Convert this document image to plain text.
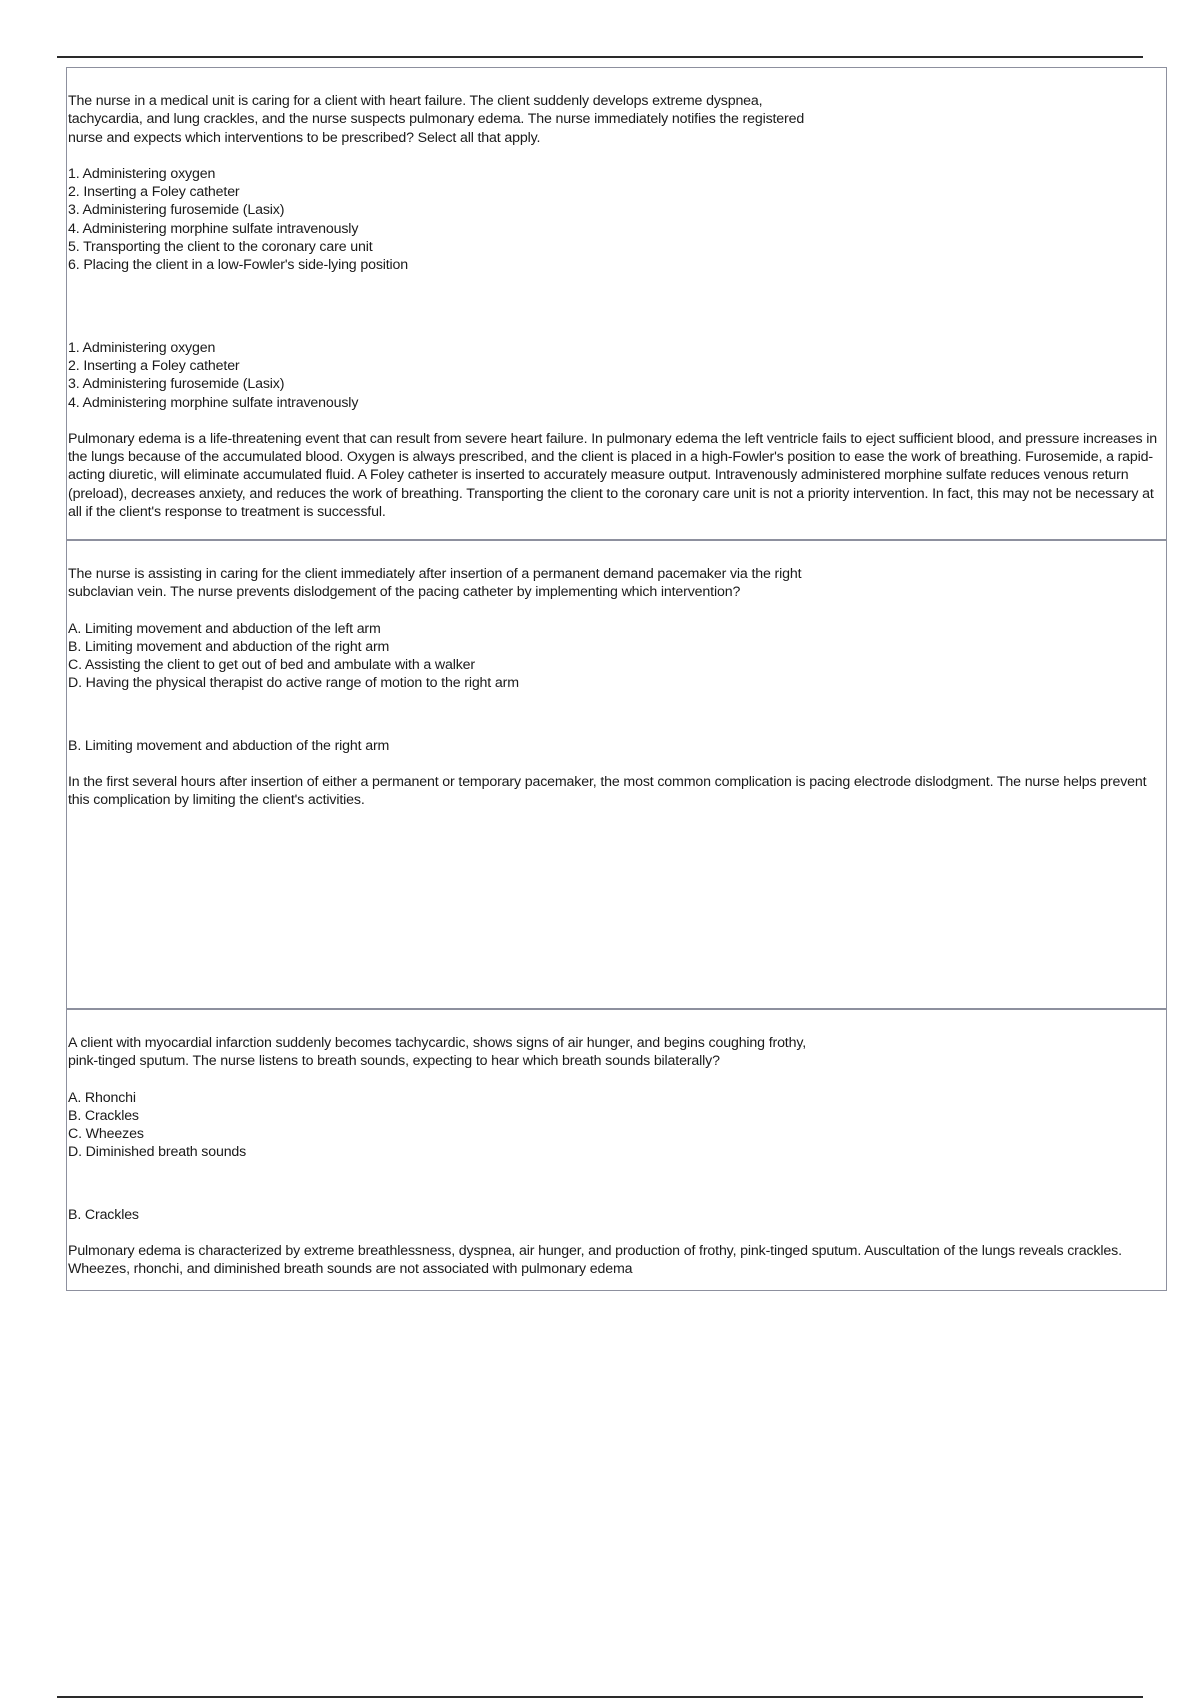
The nurse in a medical unit is caring for a client with heart failure. The client suddenly develops extreme dyspnea,
tachycardia, and lung crackles, and the nurse suspects pulmonary edema. The nurse immediately notifies the registered
nurse and expects which interventions to be prescribed? Select all that apply.

1. Administering oxygen
2. Inserting a Foley catheter
3. Administering furosemide (Lasix)
4. Administering morphine sulfate intravenously
5. Transporting the client to the coronary care unit
6. Placing the client in a low-Fowler's side-lying position
1. Administering oxygen
2. Inserting a Foley catheter
3. Administering furosemide (Lasix)
4. Administering morphine sulfate intravenously

Pulmonary edema is a life-threatening event that can result from severe heart failure. In pulmonary edema the left ventricle fails to eject sufficient blood, and pressure increases in the lungs because of the accumulated blood. Oxygen is always prescribed, and the client is placed in a high-Fowler's position to ease the work of breathing. Furosemide, a rapid-acting diuretic, will eliminate accumulated fluid. A Foley catheter is inserted to accurately measure output. Intravenously administered morphine sulfate reduces venous return (preload), decreases anxiety, and reduces the work of breathing. Transporting the client to the coronary care unit is not a priority intervention. In fact, this may not be necessary at all if the client's response to treatment is successful.

The nurse is assisting in caring for the client immediately after insertion of a permanent demand pacemaker via the right
subclavian vein. The nurse prevents dislodgement of the pacing catheter by implementing which intervention?

A. Limiting movement and abduction of the left arm
B. Limiting movement and abduction of the right arm
C. Assisting the client to get out of bed and ambulate with a walker
D. Having the physical therapist do active range of motion to the right arm
B. Limiting movement and abduction of the right arm

In the first several hours after insertion of either a permanent or temporary pacemaker, the most common complication is pacing electrode dislodgment. The nurse helps prevent this complication by limiting the client's activities.

A client with myocardial infarction suddenly becomes tachycardic, shows signs of air hunger, and begins coughing frothy,
pink-tinged sputum. The nurse listens to breath sounds, expecting to hear which breath sounds bilaterally?

A. Rhonchi
B. Crackles
C. Wheezes
D. Diminished breath sounds
B. Crackles

Pulmonary edema is characterized by extreme breathlessness, dyspnea, air hunger, and production of frothy, pink-tinged sputum. Auscultation of the lungs reveals crackles. Wheezes, rhonchi, and diminished breath sounds are not associated with pulmonary edema
